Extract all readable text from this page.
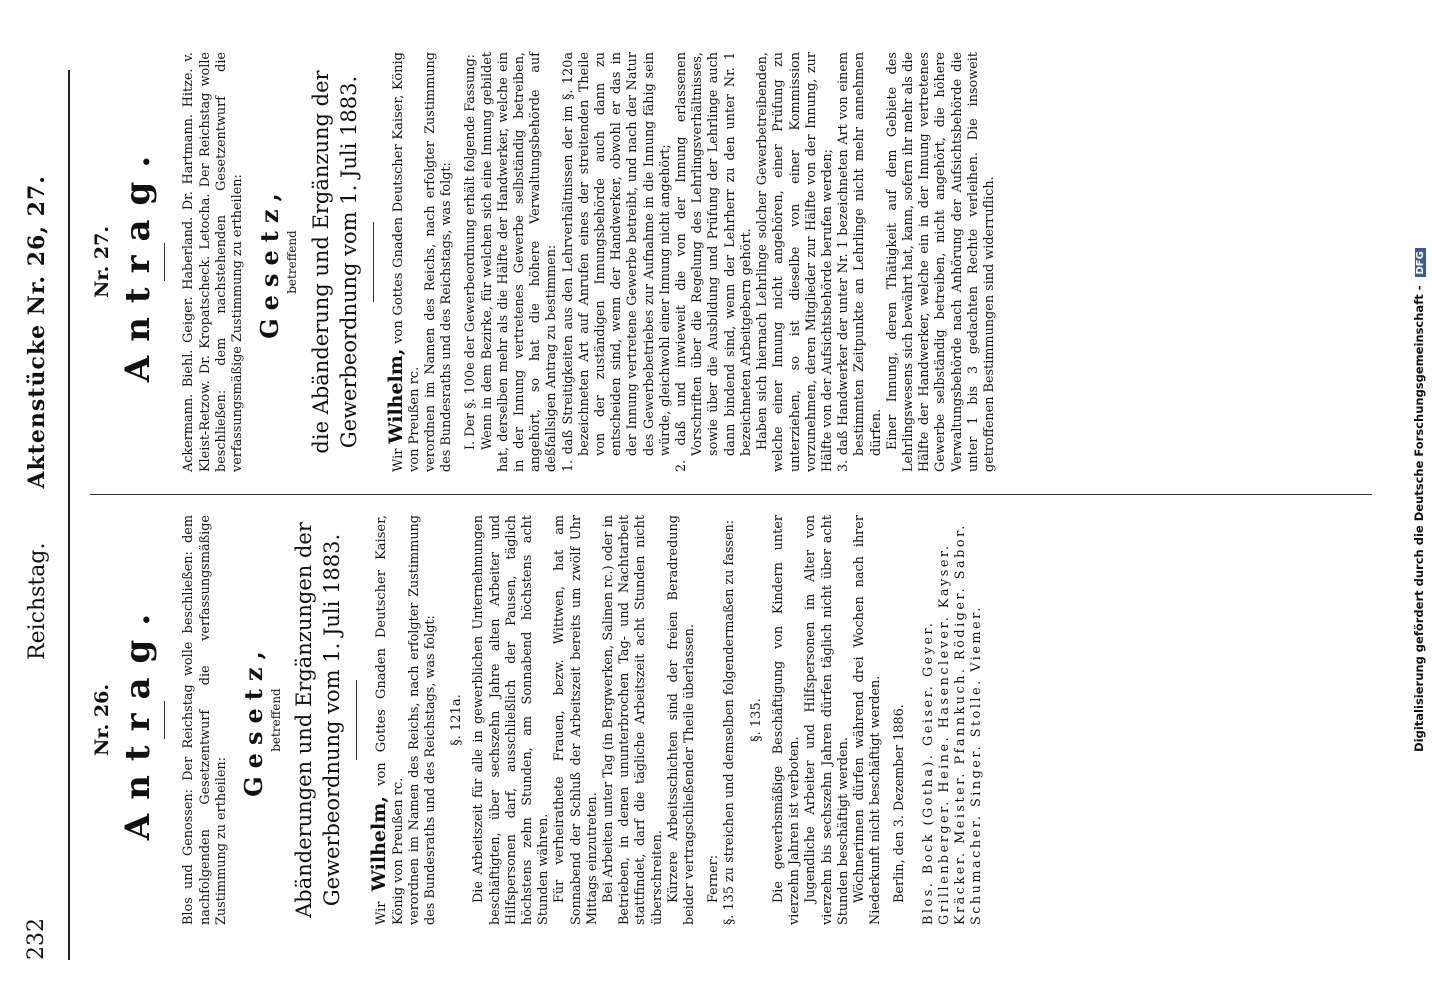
232
Reichstag.  Aktenstücke Nr. 26, 27.
Nr. 26. Antrag. Blos und Genossen: Der Reichstag wolle beschließen: dem nachfolgenden Gesetzentwurf die verfassungsmäßige Zustimmung zu ertheilen:

Gesetz, betreffend Abänderungen und Ergänzungen der Gewerbeordnung vom 1. Juli 1883.

Wir Wilhelm, von Gottes Gnaden Deutscher Kaiser, König von Preußen rc. verordnen im Namen des Reichs, nach erfolgter Zustimmung des Bundesraths und des Reichstags, was folgt: §. 121a. Die Arbeitszeit für alle in gewerblichen Unternehmungen beschäftigten, über sechszehn Jahre alten Arbeiter und Hilfspersonen darf, ausschließlich der Pausen, täglich höchstens zehn Stunden, am Sonnabend höchstens acht Stunden währen. Für verheirathete Frauen, bezw. Wittwen, hat am Sonnabend der Schluß der Arbeitszeit bereits um zwölf Uhr Mittags einzutreten. Bei Arbeiten unter Tag (in Bergwerken, Salinen rc.) oder in Betrieben, in denen ununterbrochen Tag- und Nachtarbeit stattfindet, darf die tägliche Arbeitszeit acht Stunden nicht überschreiten. Kürzere Arbeitsschichten sind der freien Beradredung beider vertragschließender Theile überlassen. Ferner: §. 135 zu streichen und demselben folgendermaßen zu fassen: §. 135. Die gewerbsmäßige Beschäftigung von Kindern unter vierzehn Jahren ist verboten. Jugendliche Arbeiter und Hilfspersonen im Alter von vierzehn bis sechszehn Jahren dürfen täglich nicht über acht Stunden beschäftigt werden. Wöchnerinnen dürfen während drei Wochen nach ihrer Niederkunft nicht beschäftigt werden. Berlin, den 3. Dezember 1886. Blos. Bock (Gotha). Geiser. Geyer. Grillenberger. Heine. Hasenclever. Kayser. Kräcker. Meister. Pfannkuch. Rödiger. Sabor. Schumacher. Singer. Stolle. Viemer.

Nr. 27. Antrag. Ackermann. Biehl. Geiger. Haberland. Dr. Hartmann. Hitze. v. Kleist-Retzow. Dr. Kropatscheck. Letocha. Der Reichstag wolle beschließen: dem nachstehenden Gesetzentwurf die verfassungsmäßige Zustimmung zu ertheilen: Gesetz, betreffend die Abänderung und Ergänzung der Gewerbeordnung vom 1. Juli 1883.

Wir Wilhelm, von Gottes Gnaden Deutscher Kaiser, König von Preußen rc. verordnen im Namen des Reichs, nach erfolgter Zustimmung des Bundesraths und des Reichstags, was folgt: I. Der §. 100e der Gewerbeordnung erhält folgende Fassung: Wenn in dem Bezirke, für welchen sich eine Innung gebildet hat, derselben mehr als die Hälfte der Handwerker, welche ein in der Innung vertretenes Gewerbe selbständig betreiben, angehört, so hat die höhere Verwaltungsbehörde auf deßfallsigen Antrag zu bestimmen: 1. daß Streitigkeiten aus den Lehrverhältnissen der im §. 120a bezeichneten Art auf Anrufen eines der streitenden Theile von der zuständigen Innungsbehörde auch dann zu entscheiden sind, wenn der Handwerker, obwohl er das in der Innung vertretene Gewerbe betreibt, und nach der Natur des Gewerbebetriebes zur Aufnahme in die Innung fähig sein würde, gleichwohl einer Innung nicht angehört; 2. daß und inwieweit die von der Innung erlassenen Vorschriften über die Regelung des Lehrlingsverhältnisses, sowie über die Ausbildung und Prüfung der Lehrlinge auch dann bindend sind, wenn der Lehrherr zu den unter Nr. 1 bezeichneten Arbeitgebern gehört. Haben sich hiernach Lehrlinge solcher Gewerbetreibenden, welche einer Innung nicht angehören, einer Prüfung zu unterziehen, so ist dieselbe von einer Kommission vorzunehmen, deren Mitglieder zur Hälfte von der Innung, zur Hälfte von der Aufsichtsbehörde berufen werden; 3. daß Handwerker der unter Nr. 1 bezeichneten Art von einem bestimmten Zeitpunkte an Lehrlinge nicht mehr annehmen dürfen. Einer Innung, deren Thätigkeit auf dem Gebiete des Lehrlingswesens sich bewährt hat, kann, sofern ihr mehr als die Hälfte der Handwerker, welche ein in der Innung vertretenes Gewerbe selbständig betreiben, nicht angehört, die höhere Verwaltungsbehörde nach Anhörung der Aufsichtsbehörde die unter 1 bis 3 gedachten Rechte verleihen. Die insoweit getroffenen Bestimmungen sind widerruflich.	Digitalisierung gefördert durch die Deutsche Forschungsgemeinschaft - DFG
